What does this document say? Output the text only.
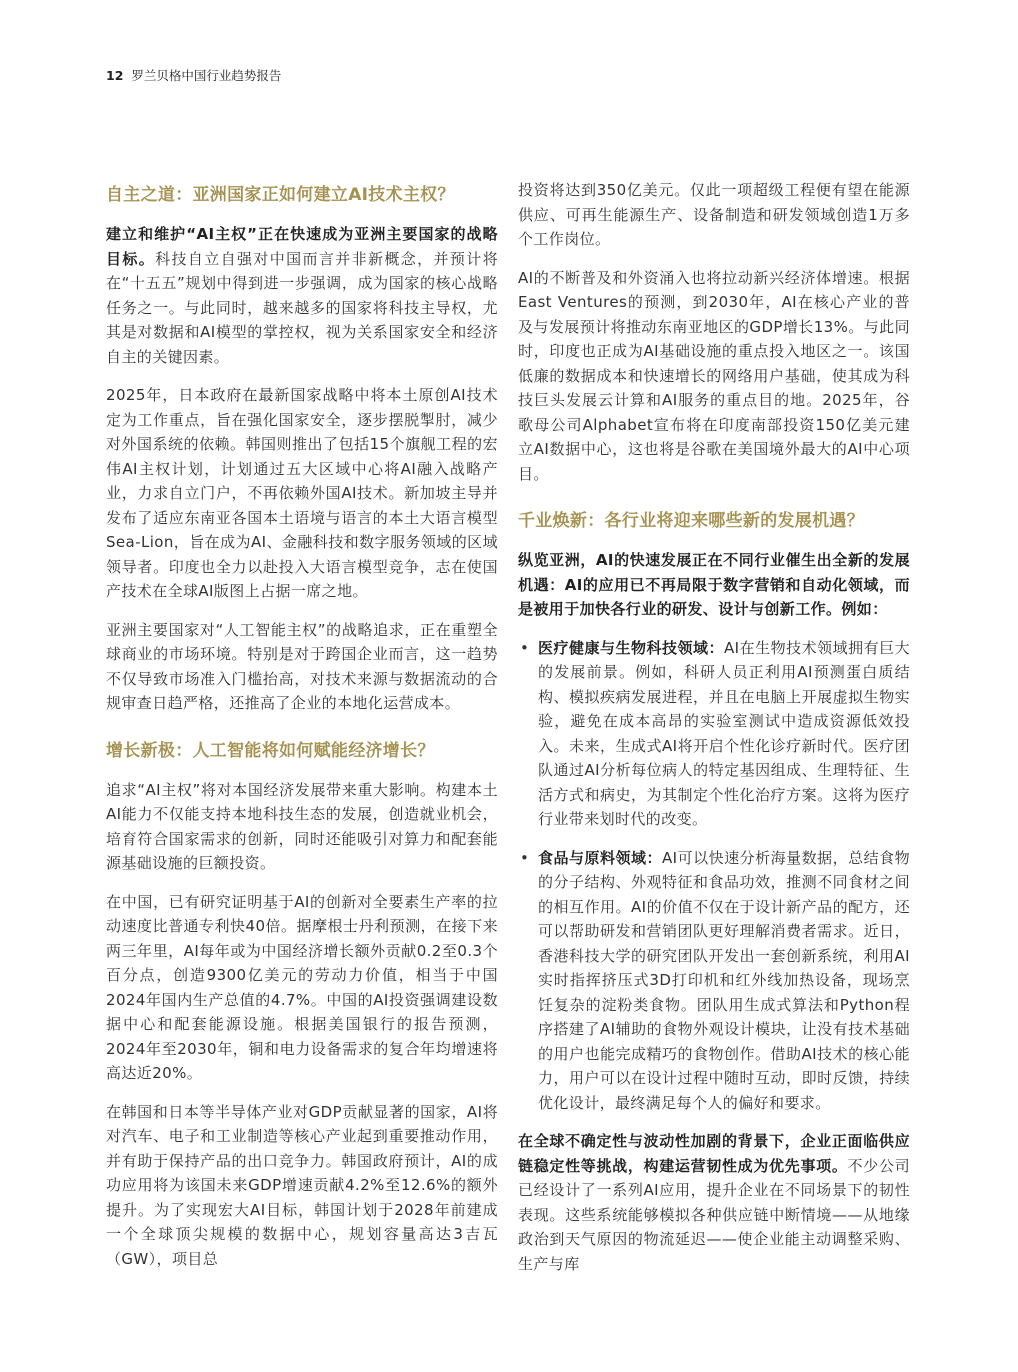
12 罗兰贝格中国行业趋势报告
自主之道：亚洲国家正如何建立AI技术主权？

建立和维护“AI主权”正在快速成为亚洲主要国家的战略目标。科技自立自强对中国而言并非新概念，并预计将在“十五五”规划中得到进一步强调，成为国家的核心战略任务之一。与此同时，越来越多的国家将科技主导权，尤其是对数据和AI模型的掌控权，视为关系国家安全和经济自主的关键因素。

2025年，日本政府在最新国家战略中将本土原创AI技术定为工作重点，旨在强化国家安全，逐步摆脱掣肘，减少对外国系统的依赖。韩国则推出了包括15个旗舰工程的宏伟AI主权计划，计划通过五大区域中心将AI融入战略产业，力求自立门户，不再依赖外国AI技术。新加坡主导并发布了适应东南亚各国本土语境与语言的本土大语言模型Sea-Lion，旨在成为AI、金融科技和数字服务领域的区域领导者。印度也全力以赴投入大语言模型竞争，志在使国产技术在全球AI版图上占据一席之地。

亚洲主要国家对“人工智能主权”的战略追求，正在重塑全球商业的市场环境。特别是对于跨国企业而言，这一趋势不仅导致市场准入门槛抬高，对技术来源与数据流动的合规审查日趋严格，还推高了企业的本地化运营成本。

增长新极：人工智能将如何赋能经济增长？

追求“AI主权”将对本国经济发展带来重大影响。构建本土AI能力不仅能支持本地科技生态的发展，创造就业机会，培育符合国家需求的创新，同时还能吸引对算力和配套能源基础设施的巨额投资。

在中国，已有研究证明基于AI的创新对全要素生产率的拉动速度比普通专利快40倍。据摩根士丹利预测，在接下来两三年里，AI每年或为中国经济增长额外贡献0.2至0.3个百分点，创造9300亿美元的劳动力价值，相当于中国2024年国内生产总值的4.7%。中国的AI投资强调建设数据中心和配套能源设施。根据美国银行的报告预测，2024年至2030年，铜和电力设备需求的复合年均增速将高达近20%。

在韩国和日本等半导体产业对GDP贡献显著的国家，AI将对汽车、电子和工业制造等核心产业起到重要推动作用，并有助于保持产品的出口竞争力。韩国政府预计，AI的成功应用将为该国未来GDP增速贡献4.2%至12.6%的额外提升。为了实现宏大AI目标，韩国计划于2028年前建成一个全球顶尖规模的数据中心，规划容量高达3吉瓦（GW），项目总

投资将达到350亿美元。仅此一项超级工程便有望在能源供应、可再生能源生产、设备制造和研发领域创造1万多个工作岗位。

AI的不断普及和外资涌入也将拉动新兴经济体增速。根据East Ventures的预测，到2030年，AI在核心产业的普及与发展预计将推动东南亚地区的GDP增长13%。与此同时，印度也正成为AI基础设施的重点投入地区之一。该国低廉的数据成本和快速增长的网络用户基础，使其成为科技巨头发展云计算和AI服务的重点目的地。2025年，谷歌母公司Alphabet宣布将在印度南部投资150亿美元建立AI数据中心，这也将是谷歌在美国境外最大的AI中心项目。

千业焕新：各行业将迎来哪些新的发展机遇？

纵览亚洲，AI的快速发展正在不同行业催生出全新的发展机遇：AI的应用已不再局限于数字营销和自动化领域，而是被用于加快各行业的研发、设计与创新工作。例如：

• 医疗健康与生物科技领域：AI在生物技术领域拥有巨大的发展前景。例如，科研人员正利用AI预测蛋白质结构、模拟疾病发展进程，并且在电脑上开展虚拟生物实验，避免在成本高昂的实验室测试中造成资源低效投入。未来，生成式AI将开启个性化诊疗新时代。医疗团队通过AI分析每位病人的特定基因组成、生理特征、生活方式和病史，为其制定个性化治疗方案。这将为医疗行业带来划时代的改变。
• 食品与原料领域：AI可以快速分析海量数据，总结食物的分子结构、外观特征和食品功效，推测不同食材之间的相互作用。AI的价值不仅在于设计新产品的配方，还可以帮助研发和营销团队更好理解消费者需求。近日，香港科技大学的研究团队开发出一套创新系统，利用AI实时指挥挤压式3D打印机和红外线加热设备，现场烹饪复杂的淀粉类食物。团队用生成式算法和Python程序搭建了AI辅助的食物外观设计模块，让没有技术基础的用户也能完成精巧的食物创作。借助AI技术的核心能力，用户可以在设计过程中随时互动，即时反馈，持续优化设计，最终满足每个人的偏好和要求。

在全球不确定性与波动性加剧的背景下，企业正面临供应链稳定性等挑战，构建运营韧性成为优先事项。不少公司已经设计了一系列AI应用，提升企业在不同场景下的韧性表现。这些系统能够模拟各种供应链中断情境——从地缘政治到天气原因的物流延迟——使企业能主动调整采购、生产与库
